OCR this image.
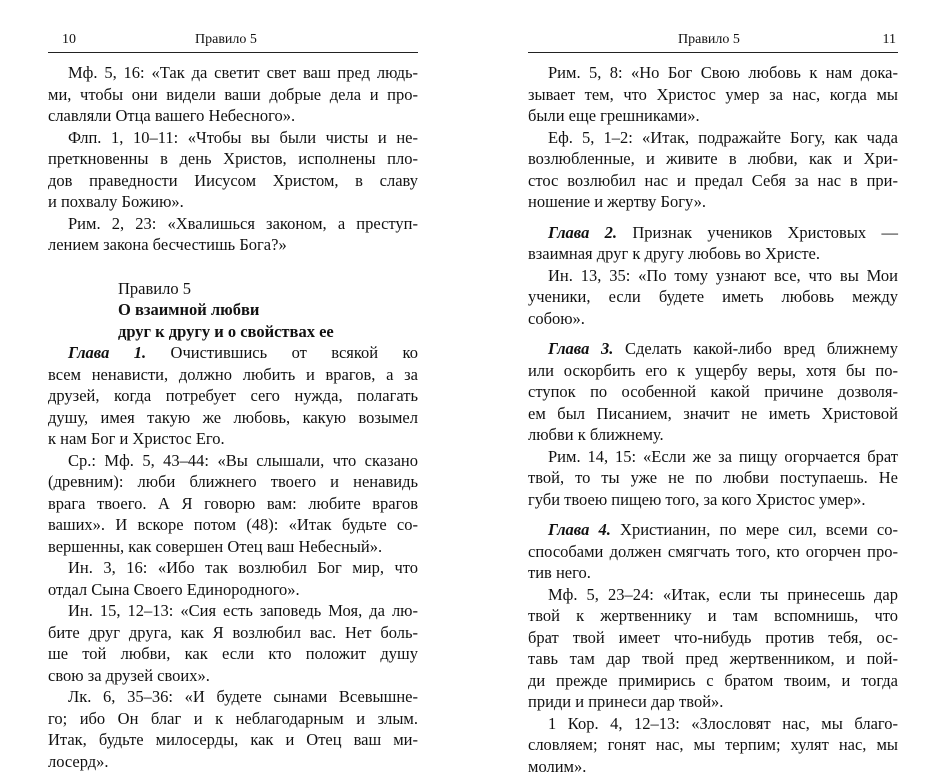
10	Правило 5

Мф. 5, 16: «Так да светит свет ваш пред людь-
ми, чтобы они видели ваши добрые дела и про-
славляли Отца вашего Небесного».

Флп. 1, 10–11: «Чтобы вы были чисты и не-
преткновенны в день Христов, исполнены пло-
дов праведности Иисусом Христом, в славу
и похвалу Божию».

Рим. 2, 23: «Хвалишься законом, а преступ-
лением закона бесчестишь Бога?»

Правило 5
О взаимной любви
друг к другу и о свойствах ее

Глава 1. Очистившись от всякой ко
всем ненависти, должно любить и врагов, а за
друзей, когда потребует сего нужда, полагать
душу, имея такую же любовь, какую возымел
к нам Бог и Христос Его.

Ср.: Мф. 5, 43–44: «Вы слышали, что сказано
(древним): люби ближнего твоего и ненавидь
врага твоего. А Я говорю вам: любите врагов
ваших». И вскоре потом (48): «Итак будьте со-
вершенны, как совершен Отец ваш Небесный».

Ин. 3, 16: «Ибо так возлюбил Бог мир, что
отдал Сына Своего Единородного».

Ин. 15, 12–13: «Сия есть заповедь Моя, да лю-
бите друг друга, как Я возлюбил вас. Нет боль-
ше той любви, как если кто положит душу
свою за друзей своих».

Лк. 6, 35–36: «И будете сынами Всевышне-
го; ибо Он благ и к неблагодарным и злым.
Итак, будьте милосерды, как и Отец ваш ми-
лосерд».

Правило 5	11

Рим. 5, 8: «Но Бог Свою любовь к нам дока-
зывает тем, что Христос умер за нас, когда мы
были еще грешниками».

Еф. 5, 1–2: «Итак, подражайте Богу, как чада
возлюбленные, и живите в любви, как и Хри-
стос возлюбил нас и предал Себя за нас в при-
ношение и жертву Богу».

Глава 2. Признак учеников Христовых —
взаимная друг к другу любовь во Христе.

Ин. 13, 35: «По тому узнают все, что вы Мои
ученики, если будете иметь любовь между
собою».

Глава 3. Сделать какой-либо вред ближнему
или оскорбить его к ущербу веры, хотя бы по-
ступок по особенной какой причине дозволя-
ем был Писанием, значит не иметь Христовой
любви к ближнему.

Рим. 14, 15: «Если же за пищу огорчается брат
твой, то ты уже не по любви поступаешь. Не
губи твоею пищею того, за кого Христос умер».

Глава 4. Христианин, по мере сил, всеми со-
способами должен смягчать того, кто огорчен про-
тив него.

Мф. 5, 23–24: «Итак, если ты принесешь дар
твой к жертвеннику и там вспомнишь, что
брат твой имеет что-нибудь против тебя, ос-
тавь там дар твой пред жертвенником, и пой-
ди прежде примирись с братом твоим, и тогда
приди и принеси дар твой».

1 Кор. 4, 12–13: «Злословят нас, мы благо-
словляем; гонят нас, мы терпим; хулят нас, мы
молим».
